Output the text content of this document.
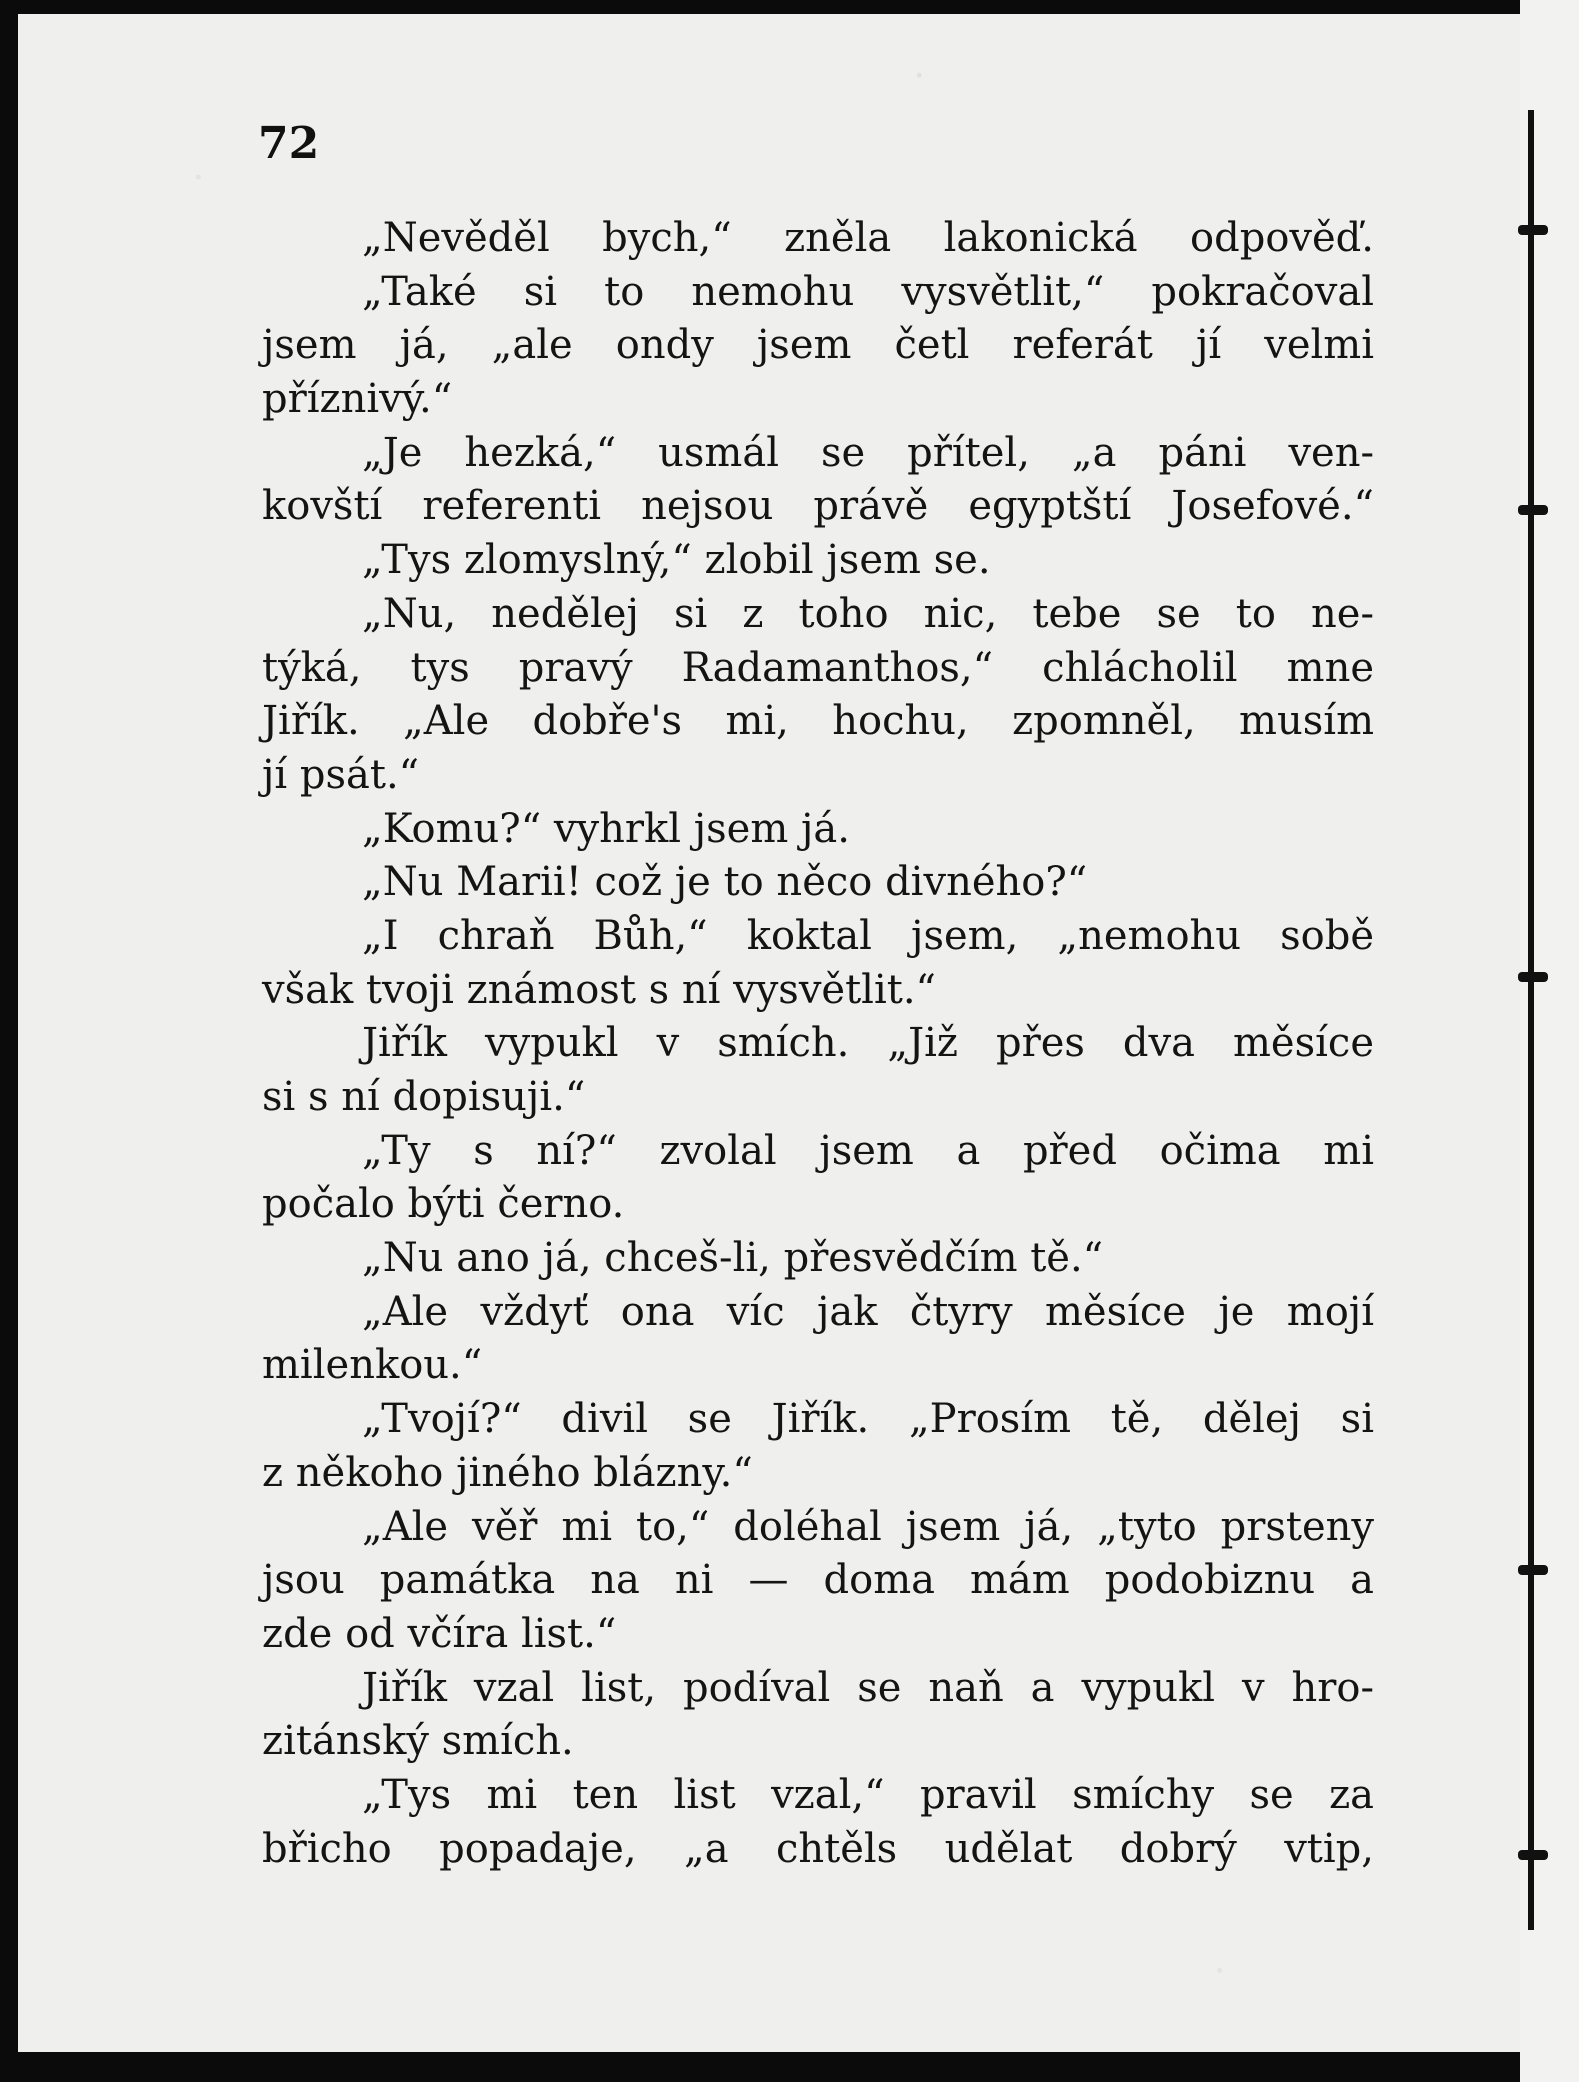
72

„Nevěděl bych,“ zněla lakonická odpověď.
„Také si to nemohu vysvětlit,“ pokračoval
jsem já, „ale ondy jsem četl referát jí velmi
příznivý.“
„Je hezká,“ usmál se přítel, „a páni ven-
kovští referenti nejsou právě egyptští Josefové.“
„Tys zlomyslný,“ zlobil jsem se.
„Nu, nedělej si z toho nic, tebe se to ne-
týká, tys pravý Radamanthos,“ chlácholil mne
Jiřík. „Ale dobře's mi, hochu, zpomněl, musím
jí psát.“
„Komu?“ vyhrkl jsem já.
„Nu Marii! což je to něco divného?“
„I chraň Bůh,“ koktal jsem, „nemohu sobě
však tvoji známost s ní vysvětlit.“
Jiřík vypukl v smích. „Již přes dva měsíce
si s ní dopisuji.“
„Ty s ní?“ zvolal jsem a před očima mi
počalo býti černo.
„Nu ano já, chceš-li, přesvědčím tě.“
„Ale vždyť ona víc jak čtyry měsíce je mojí
milenkou.“
„Tvojí?“ divil se Jiřík. „Prosím tě, dělej si
z někoho jiného blázny.“
„Ale věř mi to,“ doléhal jsem já, „tyto prsteny
jsou památka na ni — doma mám podobiznu a
zde od včíra list.“
Jiřík vzal list, podíval se naň a vypukl v hro-
zitánský smích.
„Tys mi ten list vzal,“ pravil smíchy se za
břicho popadaje, „a chtěls udělat dobrý vtip,
